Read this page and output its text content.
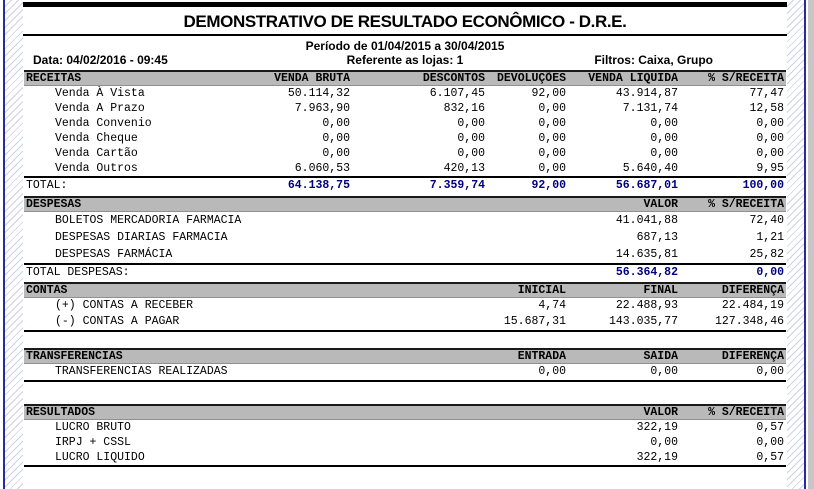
DEMONSTRATIVO DE RESULTADO ECONÔMICO - D.R.E.
Período de 01/04/2015 a 30/04/2015
Data: 04/02/2016 - 09:45	Referente as lojas: 1	Filtros: Caixa, Grupo
RECEITAS	VENDA BRUTA	DESCONTOS	DEVOLUÇÕES	VENDA LIQUIDA	% S/RECEITA
Venda À Vista	50.114,32	6.107,45	92,00	43.914,87	77,47
Venda A Prazo	7.963,90	832,16	0,00	7.131,74	12,58
Venda Convenio	0,00	0,00	0,00	0,00	0,00
Venda Cheque	0,00	0,00	0,00	0,00	0,00
Venda Cartão	0,00	0,00	0,00	0,00	0,00
Venda Outros	6.060,53	420,13	0,00	5.640,40	9,95
TOTAL:	64.138,75	7.359,74	92,00	56.687,01	100,00
DESPESAS	VALOR	% S/RECEITA
BOLETOS MERCADORIA FARMACIA	41.041,88	72,40
DESPESAS DIARIAS FARMACIA	687,13	1,21
DESPESAS FARMÁCIA	14.635,81	25,82
TOTAL DESPESAS:	56.364,82	0,00
CONTAS	INICIAL	FINAL	DIFERENÇA
(+) CONTAS A RECEBER	4,74	22.488,93	22.484,19
(-) CONTAS A PAGAR	15.687,31	143.035,77	127.348,46
TRANSFERENCIAS	ENTRADA	SAIDA	DIFERENÇA
TRANSFERENCIAS REALIZADAS	0,00	0,00	0,00
RESULTADOS	VALOR	% S/RECEITA
LUCRO BRUTO	322,19	0,57
IRPJ + CSSL	0,00	0,00
LUCRO LIQUIDO	322,19	0,57
